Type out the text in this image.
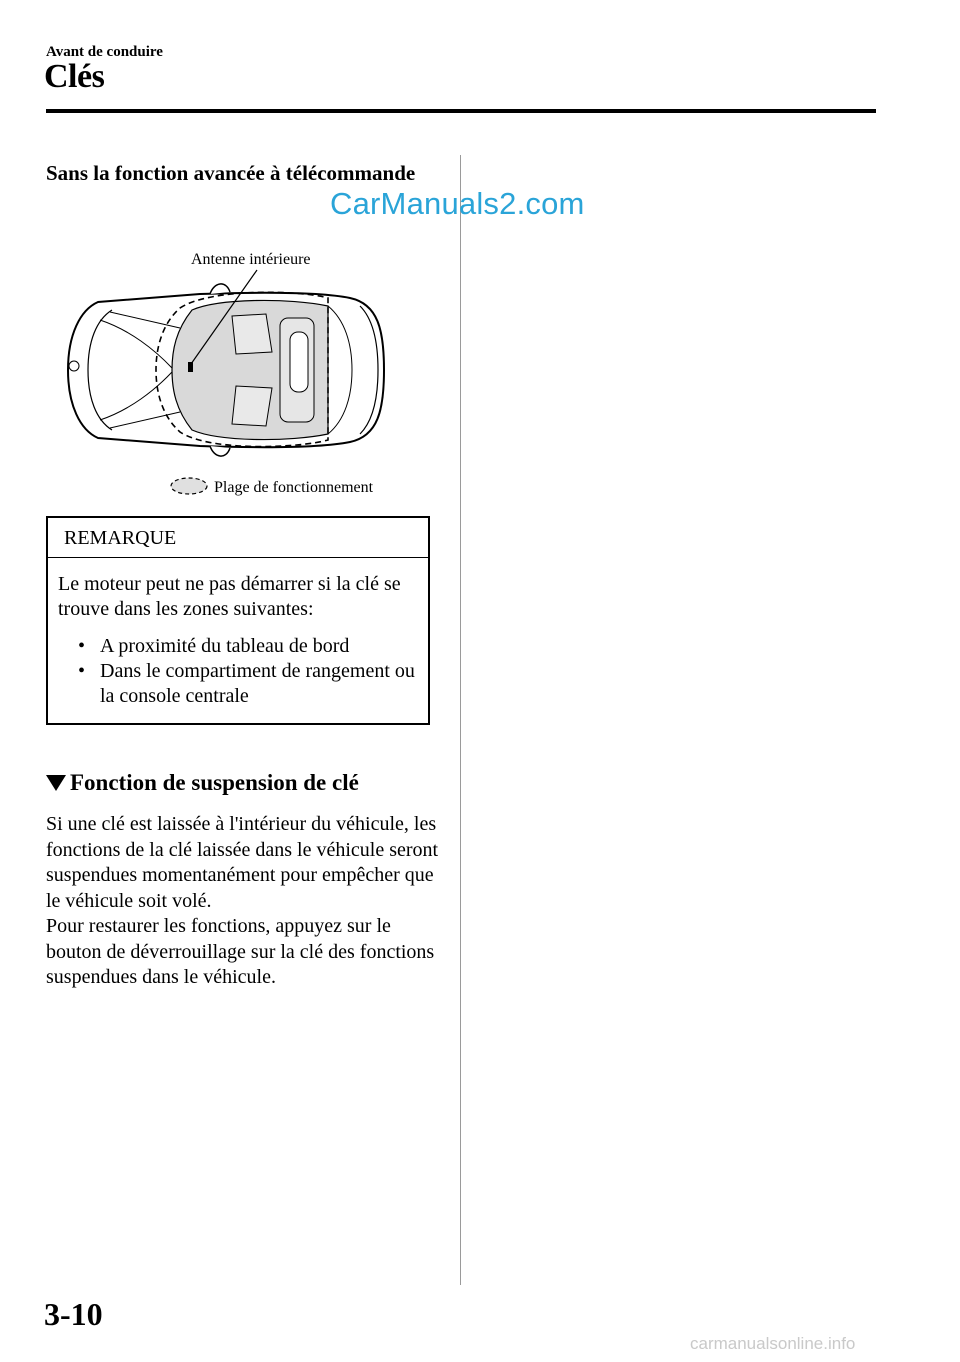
Avant de conduire
Clés
Sans la fonction avancée à télécommande
CarManuals2.com
Antenne intérieure
Plage de fonctionnement
REMARQUE
Le moteur peut ne pas démarrer si la clé se trouve dans les zones suivantes:
• A proximité du tableau de bord
• Dans le compartiment de rangement ou la console centrale
Fonction de suspension de clé
Si une clé est laissée à l'intérieur du véhicule, les fonctions de la clé laissée dans le véhicule seront suspendues momentanément pour empêcher que le véhicule soit volé.
Pour restaurer les fonctions, appuyez sur le bouton de déverrouillage sur la clé des fonctions suspendues dans le véhicule.
3-10
carmanualsonline.info
